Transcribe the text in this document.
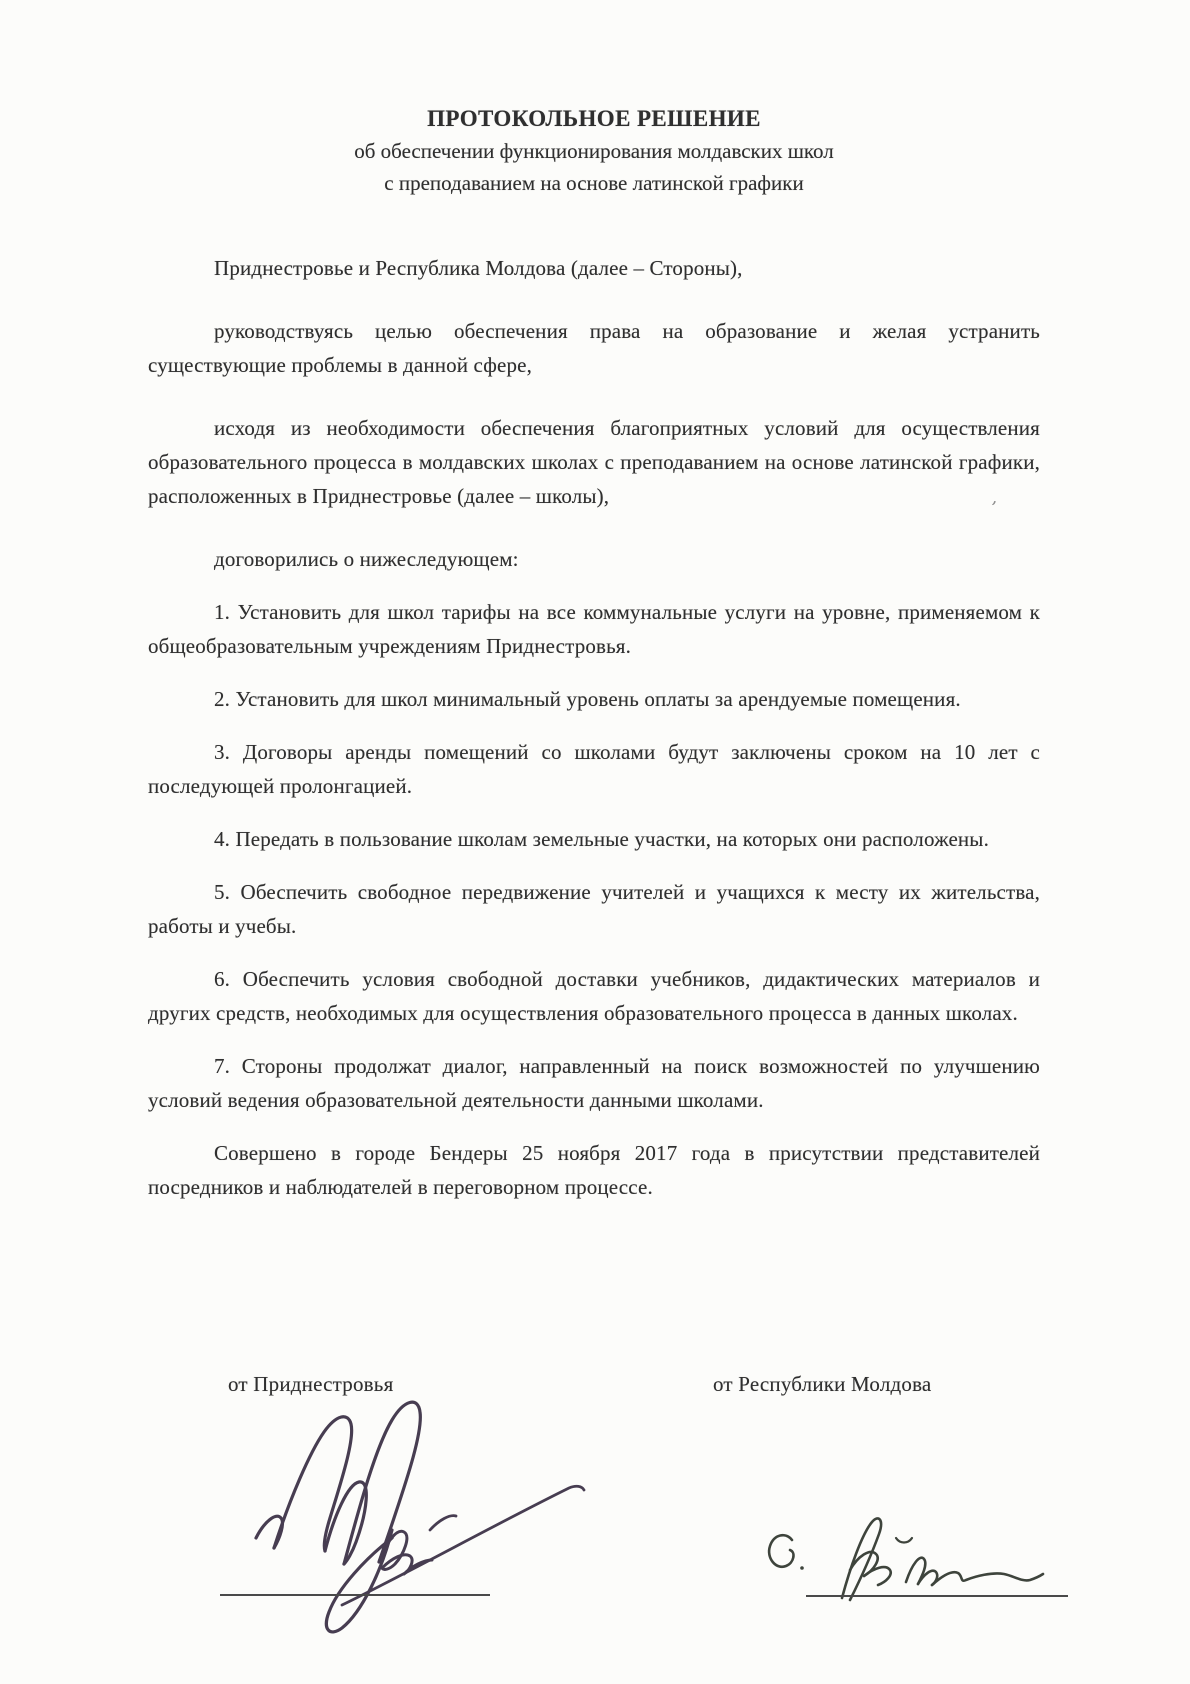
ПРОТОКОЛЬНОЕ РЕШЕНИЕ

об обеспечении функционирования молдавских школ

с преподаванием на основе латинской графики

Приднестровье и Республика Молдова (далее – Стороны),

руководствуясь целью обеспечения права на образование и желая устранить существующие проблемы в данной сфере,

исходя из необходимости обеспечения благоприятных условий для осуществления образовательного процесса в молдавских школах с преподаванием на основе латинской графики, расположенных в Приднестровье (далее – школы),

договорились о нижеследующем:

1. Установить для школ тарифы на все коммунальные услуги на уровне, применяемом к общеобразовательным учреждениям Приднестровья.

2. Установить для школ минимальный уровень оплаты за арендуемые помещения.

3. Договоры аренды помещений со школами будут заключены сроком на 10 лет с последующей пролонгацией.

4. Передать в пользование школам земельные участки, на которых они расположены.

5. Обеспечить свободное передвижение учителей и учащихся к месту их жительства, работы и учебы.

6. Обеспечить условия свободной доставки учебников, дидактических материалов и других средств, необходимых для осуществления образовательного процесса в данных школах.

7. Стороны продолжат диалог, направленный на поиск возможностей по улучшению условий ведения образовательной деятельности данными школами.

Совершено в городе Бендеры 25 ноября 2017 года в присутствии представителей посредников и наблюдателей в переговорном процессе.

’
от Приднестровья	от Республики Молдова
